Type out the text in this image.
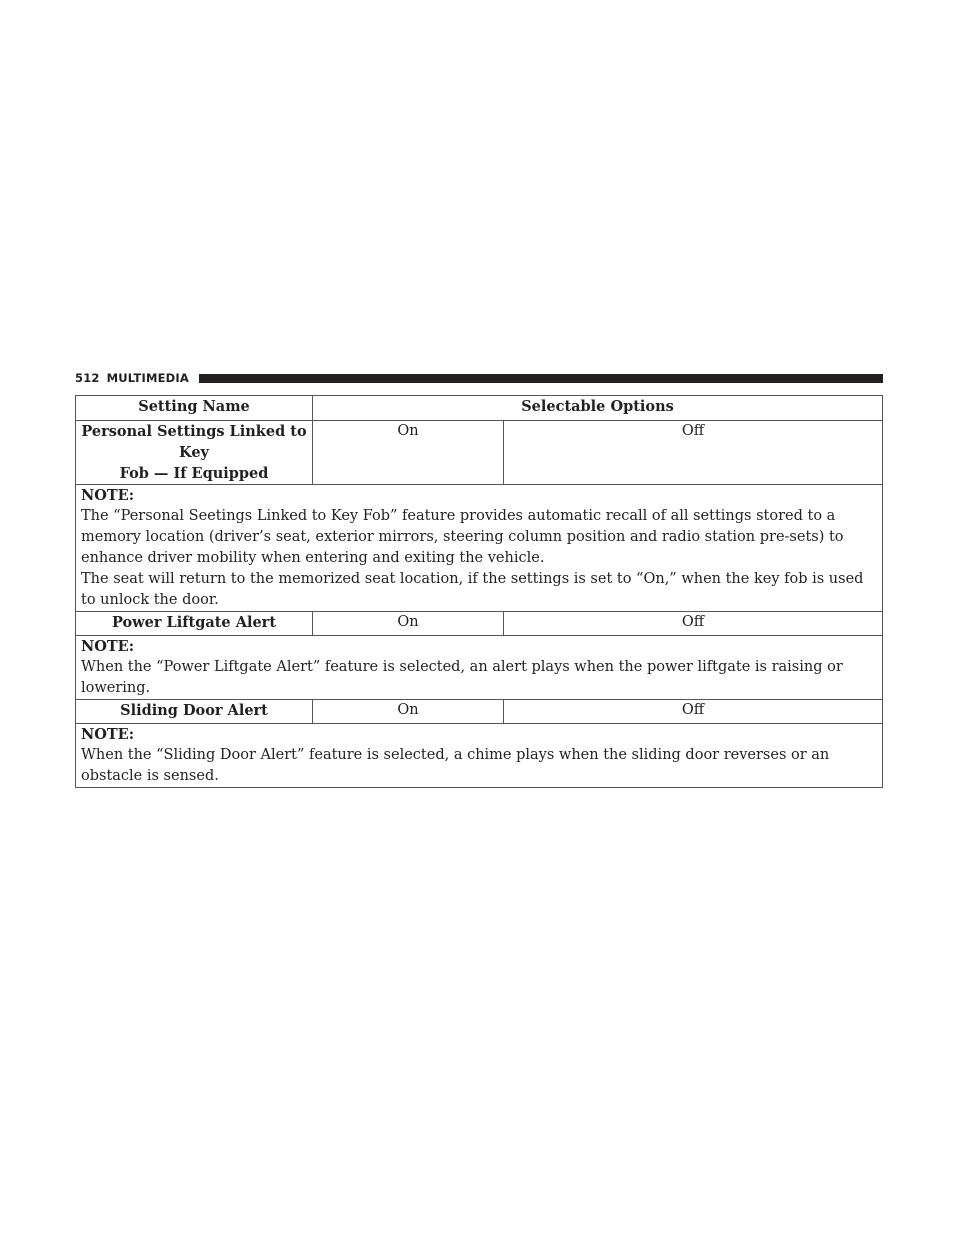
512 MULTIMEDIA
Setting Name	Selectable Options	
Personal Settings Linked to Key
Fob — If Equipped	On	Off

NOTE:
The “Personal Seetings Linked to Key Fob” feature provides automatic recall of all settings stored to a memory location (driver’s seat, exterior mirrors, steering column position and radio station pre-sets) to enhance driver mobility when entering and exiting the vehicle.
The seat will return to the memorized seat location, if the settings is set to “On,” when the key fob is used to unlock the door.		

Power Liftgate Alert	On	Off

NOTE:
When the “Power Liftgate Alert” feature is selected, an alert plays when the power liftgate is raising or lowering.		

Sliding Door Alert	On	Off

NOTE:
When the “Sliding Door Alert” feature is selected, a chime plays when the sliding door reverses or an obstacle is sensed.		
